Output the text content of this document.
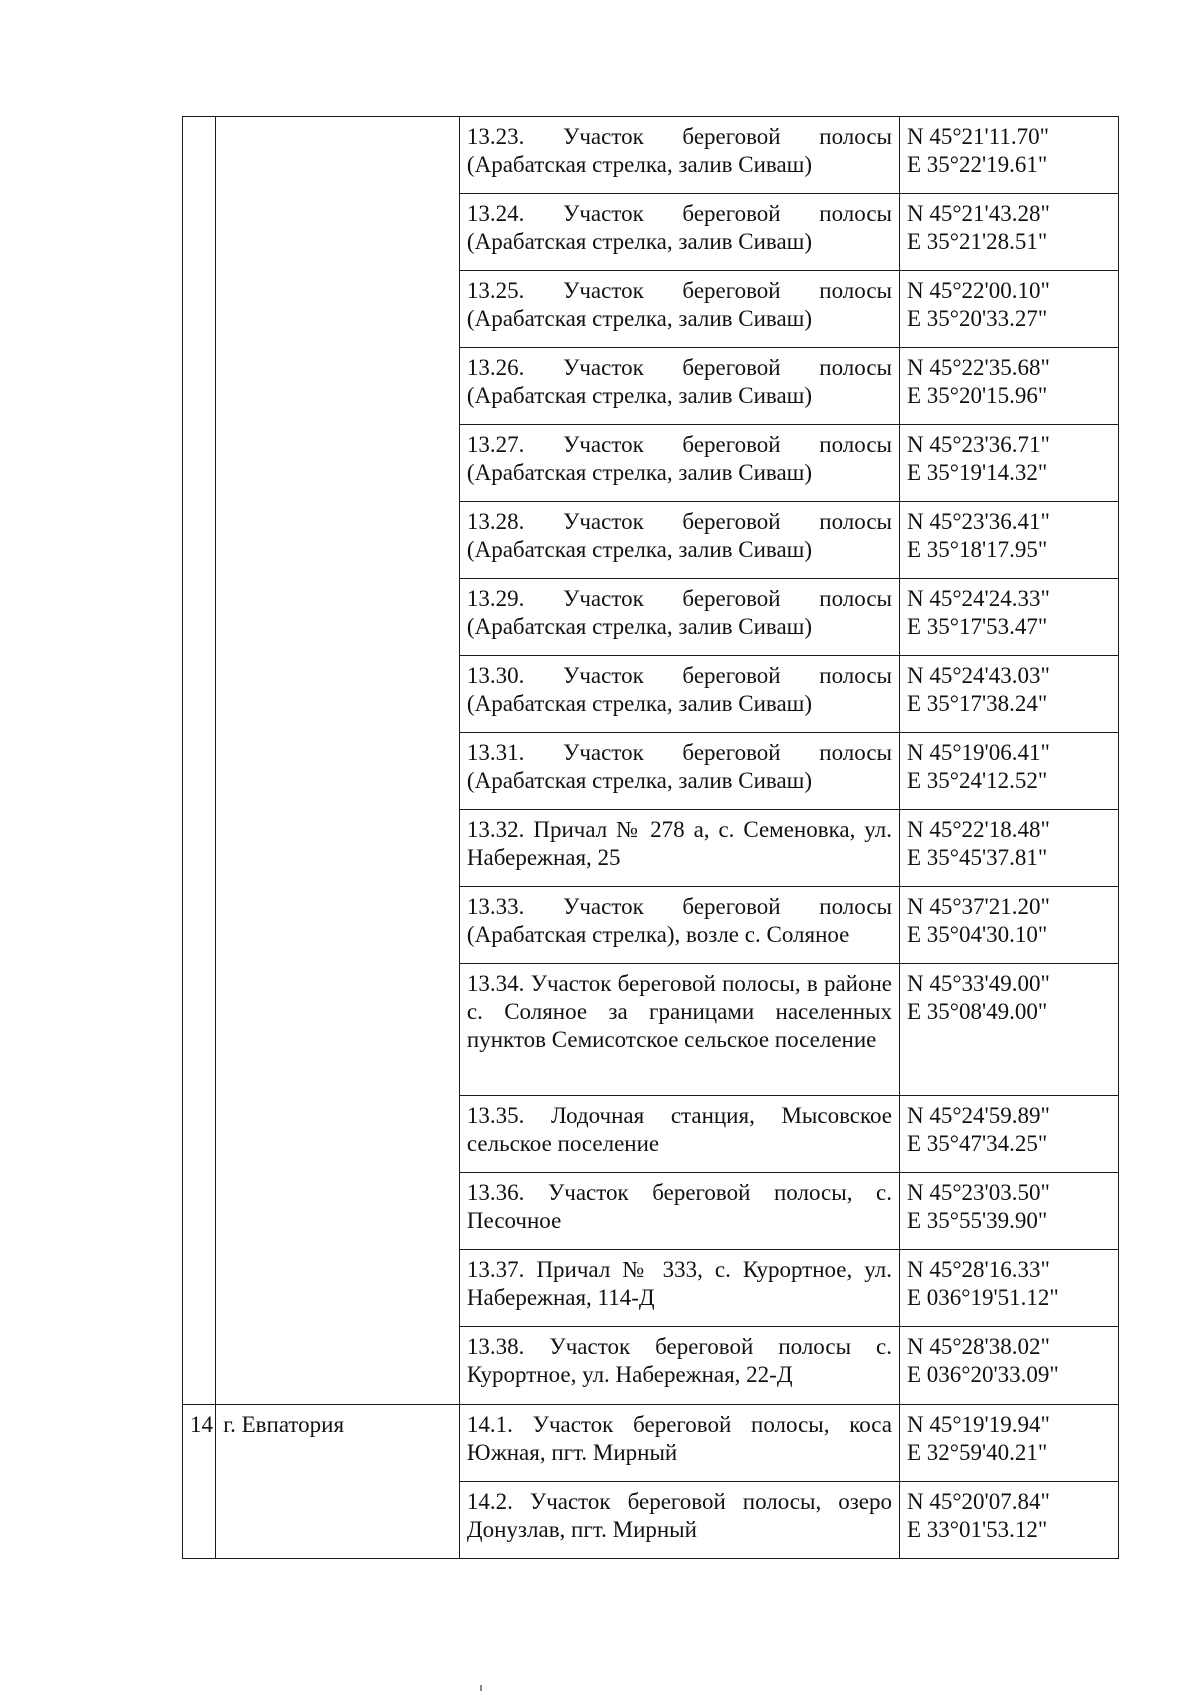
		13.23. Участок береговой полосы (Арабатская стрелка, залив Сиваш)	N 45°21'11.70"
E 35°22'19.61"

		13.24. Участок береговой полосы (Арабатская стрелка, залив Сиваш)	N 45°21'43.28"
E 35°21'28.51"

		13.25. Участок береговой полосы (Арабатская стрелка, залив Сиваш)	N 45°22'00.10"
E 35°20'33.27"

		13.26. Участок береговой полосы (Арабатская стрелка, залив Сиваш)	N 45°22'35.68"
E 35°20'15.96"

		13.27. Участок береговой полосы (Арабатская стрелка, залив Сиваш)	N 45°23'36.71"
E 35°19'14.32"

		13.28. Участок береговой полосы (Арабатская стрелка, залив Сиваш)	N 45°23'36.41"
E 35°18'17.95"

		13.29. Участок береговой полосы (Арабатская стрелка, залив Сиваш)	N 45°24'24.33"
E 35°17'53.47"

		13.30. Участок береговой полосы (Арабатская стрелка, залив Сиваш)	N 45°24'43.03"
E 35°17'38.24"

		13.31. Участок береговой полосы (Арабатская стрелка, залив Сиваш)	N 45°19'06.41"
E 35°24'12.52"

		13.32. Причал № 278 а, с. Семеновка, ул. Набережная, 25	N 45°22'18.48"
E 35°45'37.81"

		13.33. Участок береговой полосы (Арабатская стрелка), возле с. Соляное	N 45°37'21.20"
E 35°04'30.10"

		13.34. Участок береговой полосы, в районе с. Соляное за границами населенных пунктов Семисотское сельское поселение	N 45°33'49.00"
E 35°08'49.00"

		13.35. Лодочная станция, Мысовское сельское поселение	N 45°24'59.89"
E 35°47'34.25"

		13.36. Участок береговой полосы, с. Песочное	N 45°23'03.50"
E 35°55'39.90"

		13.37. Причал № 333, с. Курортное, ул. Набережная, 114-Д	N 45°28'16.33"
E 036°19'51.12"

		13.38. Участок береговой полосы с. Курортное, ул. Набережная, 22-Д	N 45°28'38.02"
E 036°20'33.09"

14	г. Евпатория	14.1. Участок береговой полосы, коса Южная, пгт. Мирный	N 45°19'19.94"
E 32°59'40.21"

		14.2. Участок береговой полосы, озеро Донузлав, пгт. Мирный	N 45°20'07.84"
E 33°01'53.12"
